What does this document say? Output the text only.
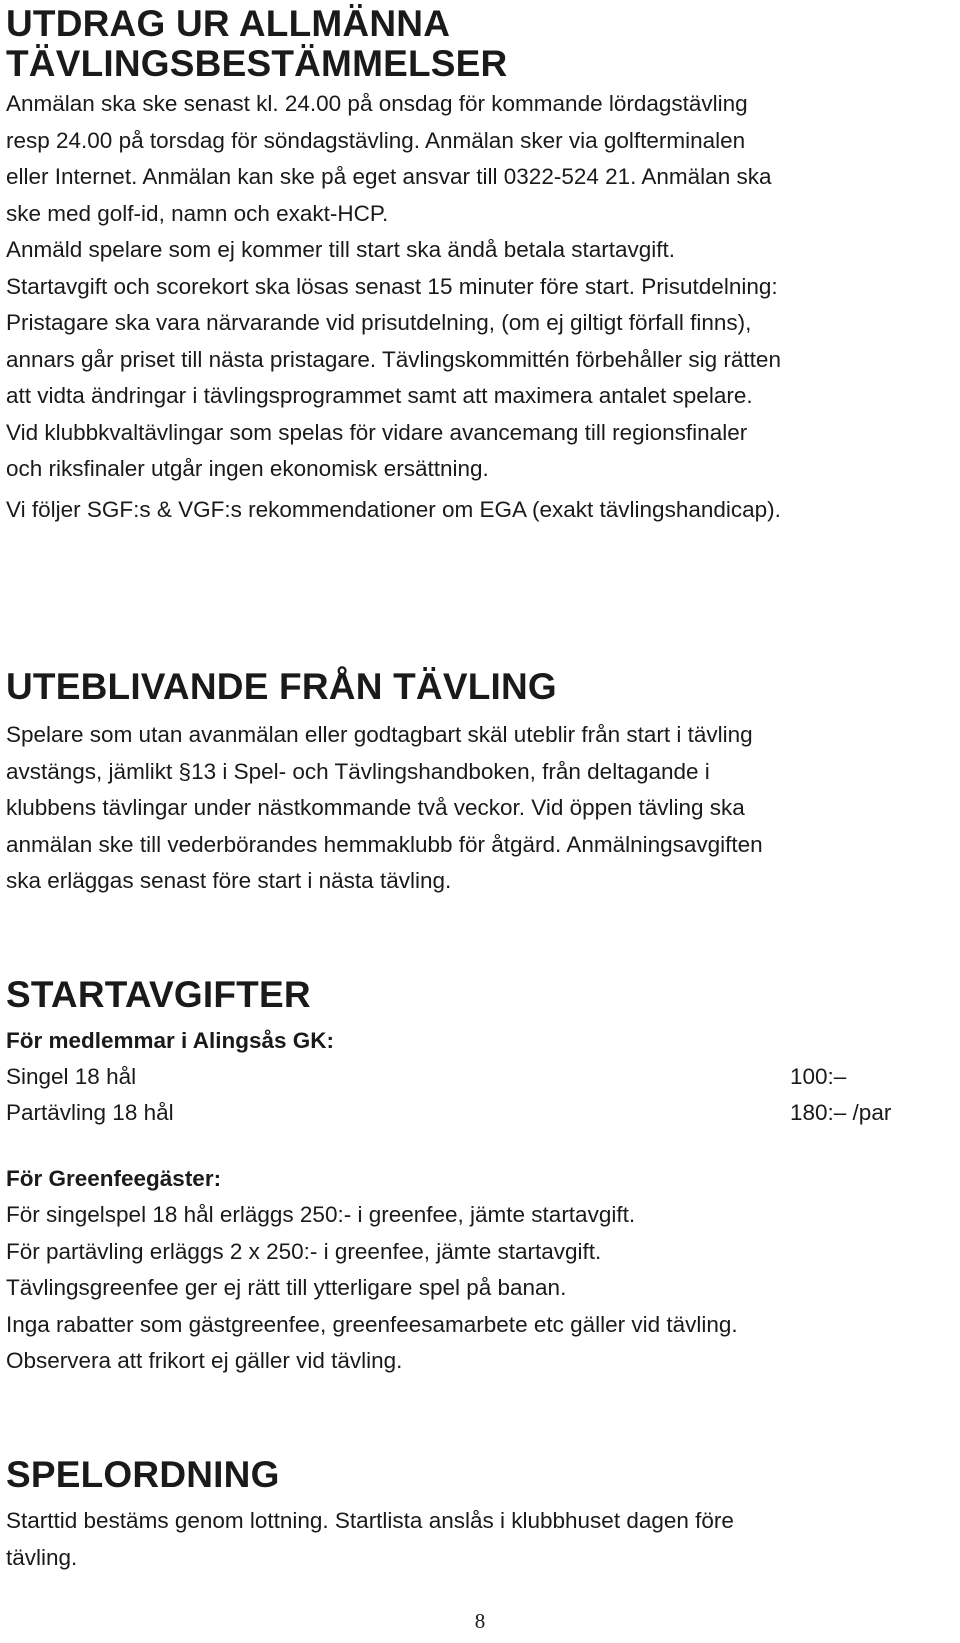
UTDRAG UR ALLMÄNNA
TÄVLINGSBESTÄMMELSER

Anmälan ska ske senast kl. 24.00 på onsdag för kommande lördagstävling

resp 24.00 på torsdag för söndagstävling. Anmälan sker via golfterminalen

eller Internet. Anmälan kan ske på eget ansvar till 0322-524 21. Anmälan ska

ske med golf-id, namn och exakt-HCP.

Anmäld spelare som ej kommer till start ska ändå betala startavgift.

Startavgift och scorekort ska lösas senast 15 minuter före start. Prisutdelning:

Pristagare ska vara närvarande vid prisutdelning, (om ej giltigt förfall finns),

annars går priset till nästa pristagare. Tävlingskommittén förbehåller sig rätten

att vidta ändringar i tävlingsprogrammet samt att maximera antalet spelare.

Vid klubbkvaltävlingar som spelas för vidare avancemang till regionsfinaler

och riksfinaler utgår ingen ekonomisk ersättning.

Vi följer SGF:s & VGF:s rekommendationer om EGA (exakt tävlingshandicap).

UTEBLIVANDE FRÅN TÄVLING

Spelare som utan avanmälan eller godtagbart skäl uteblir från start i tävling

avstängs, jämlikt §13 i Spel- och Tävlingshandboken, från deltagande i

klubbens tävlingar under nästkommande två veckor. Vid öppen tävling ska

anmälan ske till vederbörandes hemmaklubb för åtgärd. Anmälningsavgiften

ska erläggas senast före start i nästa tävling.

STARTAVGIFTER

För medlemmar i Alingsås GK:

Singel 18 hål	100:–
Partävling 18 hål	180:– /par

För Greenfeegäster:

För singelspel 18 hål erläggs 250:- i greenfee, jämte startavgift.

För partävling erläggs 2 x 250:- i greenfee, jämte startavgift.

Tävlingsgreenfee ger ej rätt till ytterligare spel på banan.

Inga rabatter som gästgreenfee, greenfeesamarbete etc gäller vid tävling.

Observera att frikort ej gäller vid tävling.

SPELORDNING

Starttid bestäms genom lottning. Startlista anslås i klubbhuset dagen före

tävling.

8
